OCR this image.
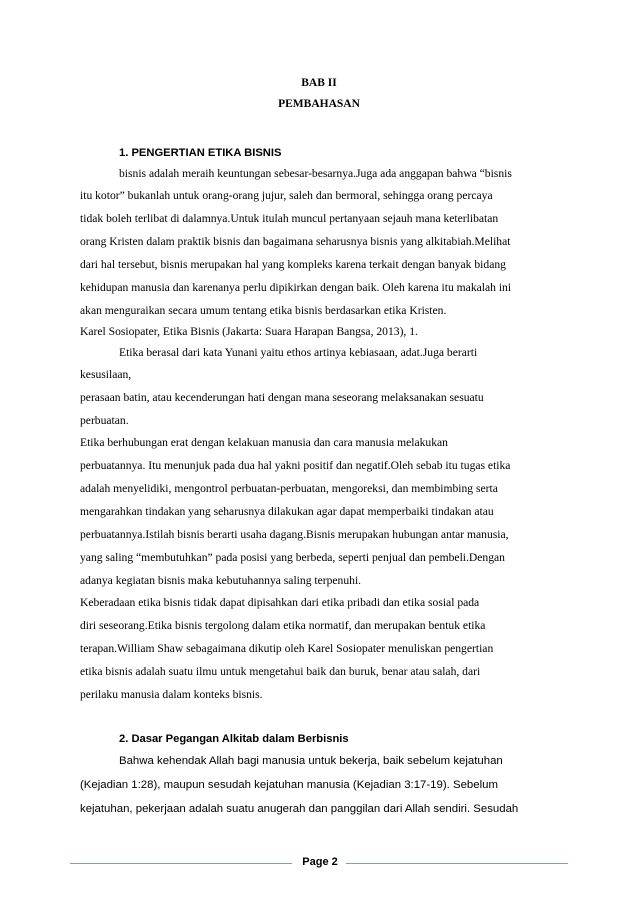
BAB II
PEMBAHASAN
1. PENGERTIAN ETIKA BISNIS
bisnis adalah meraih keuntungan sebesar-besarnya.Juga ada anggapan bahwa “bisnis
itu kotor” bukanlah untuk orang-orang jujur, saleh dan bermoral, sehingga orang percaya
tidak boleh terlibat di dalamnya.Untuk itulah muncul pertanyaan sejauh mana keterlibatan
orang Kristen dalam praktik bisnis dan bagaimana seharusnya bisnis yang alkitabiah.Melihat
dari hal tersebut, bisnis merupakan hal yang kompleks karena terkait dengan banyak bidang
kehidupan manusia dan karenanya perlu dipikirkan dengan baik. Oleh karena itu makalah ini
akan menguraikan secara umum tentang etika bisnis berdasarkan etika Kristen.
Karel Sosiopater, Etika Bisnis (Jakarta: Suara Harapan Bangsa, 2013), 1.
Etika berasal dari kata Yunani yaitu ethos artinya kebiasaan, adat.Juga berarti
kesusilaan,
perasaan batin, atau kecenderungan hati dengan mana seseorang melaksanakan sesuatu
perbuatan.
Etika berhubungan erat dengan kelakuan manusia dan cara manusia melakukan
perbuatannya. Itu menunjuk pada dua hal yakni positif dan negatif.Oleh sebab itu tugas etika
adalah menyelidiki, mengontrol perbuatan-perbuatan, mengoreksi, dan membimbing serta
mengarahkan tindakan yang seharusnya dilakukan agar dapat memperbaiki tindakan atau
perbuatannya.Istilah bisnis berarti usaha dagang.Bisnis merupakan hubungan antar manusia,
yang saling “membutuhkan” pada posisi yang berbeda, seperti penjual dan pembeli.Dengan
adanya kegiatan bisnis maka kebutuhannya saling terpenuhi.
Keberadaan etika bisnis tidak dapat dipisahkan dari etika pribadi dan etika sosial pada
diri seseorang.Etika bisnis tergolong dalam etika normatif, dan merupakan bentuk etika
terapan.William Shaw sebagaimana dikutip oleh Karel Sosiopater menuliskan pengertian
etika bisnis adalah suatu ilmu untuk mengetahui baik dan buruk, benar atau salah, dari
perilaku manusia dalam konteks bisnis.
2. Dasar Pegangan Alkitab dalam Berbisnis
Bahwa kehendak Allah bagi manusia untuk bekerja, baik sebelum kejatuhan
(Kejadian 1:28), maupun sesudah kejatuhan manusia (Kejadian 3:17-19). Sebelum
kejatuhan, pekerjaan adalah suatu anugerah dan panggilan dari Allah sendiri. Sesudah
Page 2
